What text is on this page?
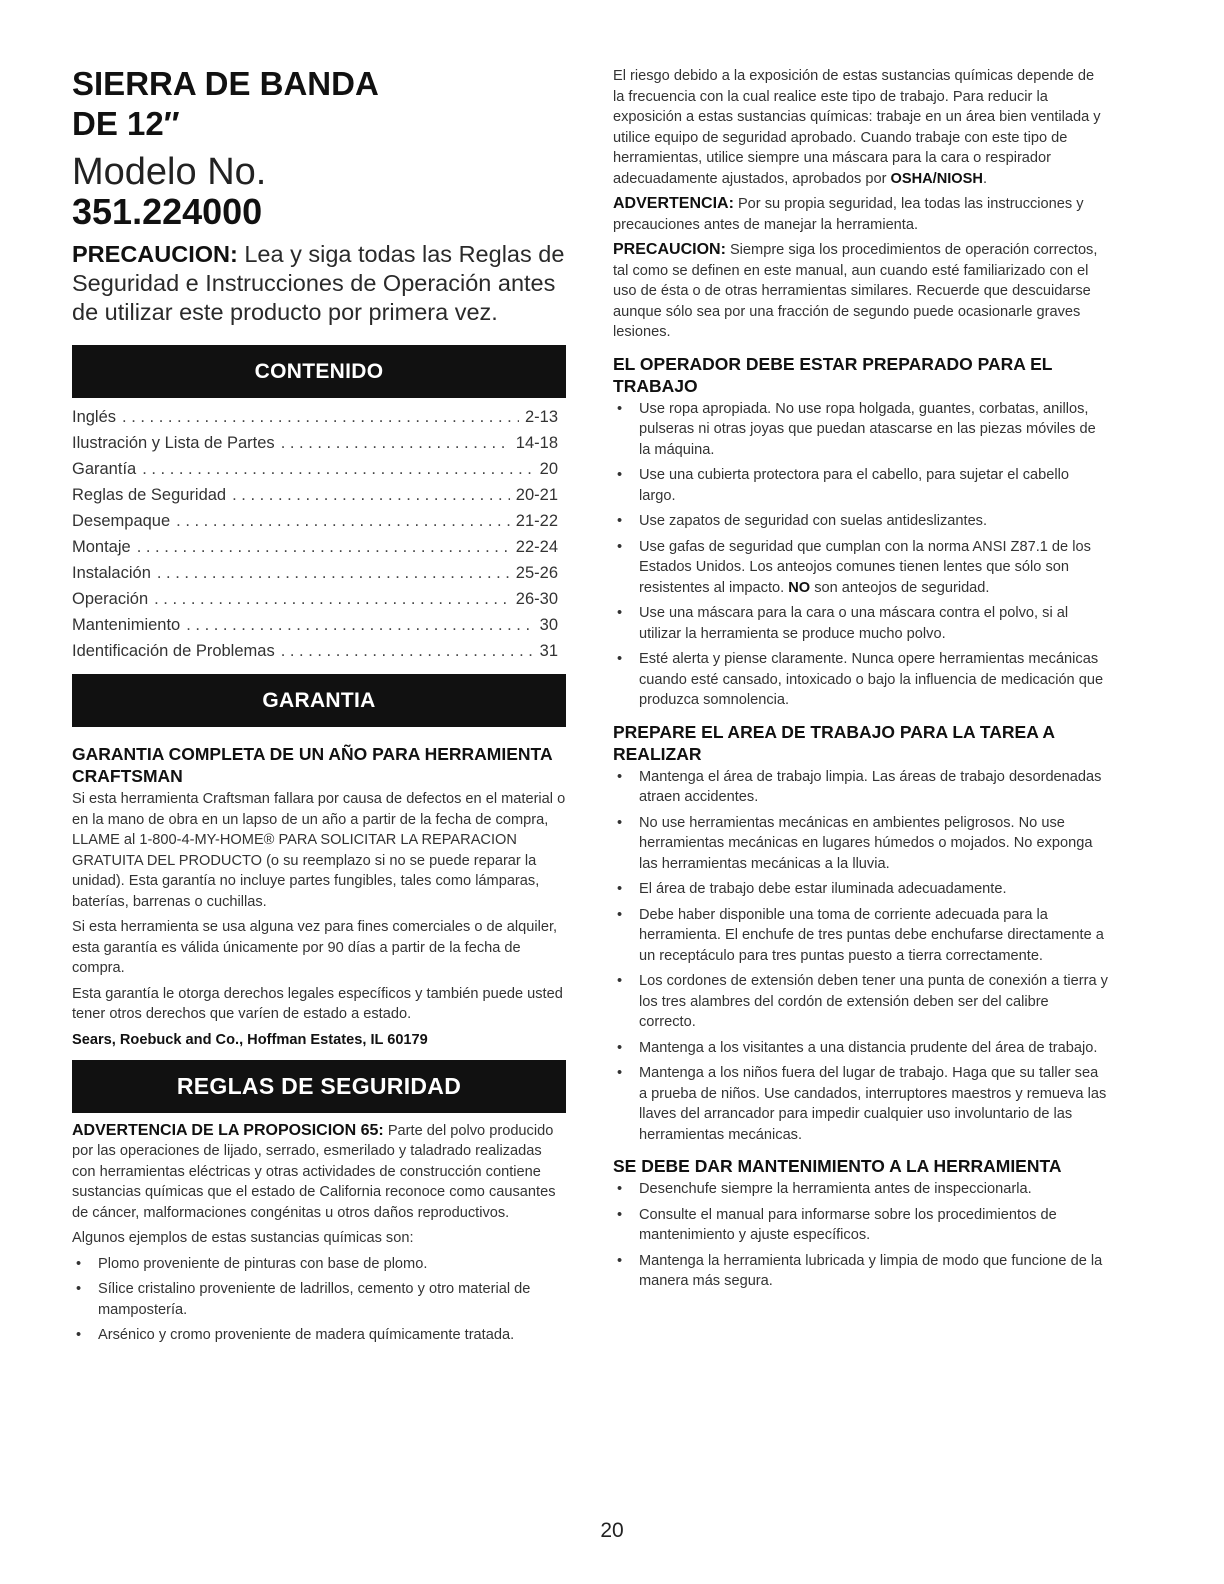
SIERRA DE BANDA
DE 12″
Modelo No.
351.224000
PRECAUCION: Lea y siga todas las Reglas de Seguridad e Instrucciones de Operación antes de utilizar este producto por primera vez.
CONTENIDO
Inglés . . .	2-13
Ilustración y Lista de Partes . . .	14-18
Garantía . . .	20
Reglas de Seguridad . . .	20-21
Desempaque . . .	21-22
Montaje . . .	22-24
Instalación . . .	25-26
Operación . . .	26-30
Mantenimiento . . .	30
Identificación de Problemas . . .	31
GARANTIA
GARANTIA COMPLETA DE UN AÑO PARA HERRAMIENTA CRAFTSMAN

Si esta herramienta Craftsman fallara por causa de defectos en el material o en la mano de obra en un lapso de un año a partir de la fecha de compra, LLAME al 1-800-4-MY-HOME® PARA SOLICITAR LA REPARACION GRATUITA DEL PRODUCTO (o su reemplazo si no se puede reparar la unidad). Esta garantía no incluye partes fungibles, tales como lámparas, baterías, barrenas o cuchillas.

Si esta herramienta se usa alguna vez para fines comerciales o de alquiler, esta garantía es válida únicamente por 90 días a partir de la fecha de compra.

Esta garantía le otorga derechos legales específicos y también puede usted tener otros derechos que varíen de estado a estado.

Sears, Roebuck and Co., Hoffman Estates, IL 60179

REGLAS DE SEGURIDAD

ADVERTENCIA DE LA PROPOSICION 65: Parte del polvo producido por las operaciones de lijado, serrado, esmerilado y taladrado realizadas con herramientas eléctricas y otras actividades de construcción contiene sustancias químicas que el estado de California reconoce como causantes de cáncer, malformaciones congénitas u otros daños reproductivos.

Algunos ejemplos de estas sustancias químicas son:

• Plomo proveniente de pinturas con base de plomo.
• Sílice cristalino proveniente de ladrillos, cemento y otro material de mampostería.
• Arsénico y cromo proveniente de madera químicamente tratada.

El riesgo debido a la exposición de estas sustancias químicas depende de la frecuencia con la cual realice este tipo de trabajo. Para reducir la exposición a estas sustancias químicas: trabaje en un área bien ventilada y utilice equipo de seguridad aprobado. Cuando trabaje con este tipo de herramientas, utilice siempre una máscara para la cara o respirador adecuadamente ajustados, aprobados por OSHA/NIOSH.

ADVERTENCIA: Por su propia seguridad, lea todas las instrucciones y precauciones antes de manejar la herramienta.

PRECAUCION: Siempre siga los procedimientos de operación correctos, tal como se definen en este manual, aun cuando esté familiarizado con el uso de ésta o de otras herramientas similares. Recuerde que descuidarse aunque sólo sea por una fracción de segundo puede ocasionarle graves lesiones.

EL OPERADOR DEBE ESTAR PREPARADO PARA EL TRABAJO
• Use ropa apropiada. No use ropa holgada, guantes, corbatas, anillos, pulseras ni otras joyas que puedan atascarse en las piezas móviles de la máquina.
• Use una cubierta protectora para el cabello, para sujetar el cabello largo.
• Use zapatos de seguridad con suelas antideslizantes.
• Use gafas de seguridad que cumplan con la norma ANSI Z87.1 de los Estados Unidos. Los anteojos comunes tienen lentes que sólo son resistentes al impacto. NO son anteojos de seguridad.
• Use una máscara para la cara o una máscara contra el polvo, si al utilizar la herramienta se produce mucho polvo.
• Esté alerta y piense claramente. Nunca opere herramientas mecánicas cuando esté cansado, intoxicado o bajo la influencia de medicación que produzca somnolencia.
PREPARE EL AREA DE TRABAJO PARA LA TAREA A REALIZAR
• Mantenga el área de trabajo limpia. Las áreas de trabajo desordenadas atraen accidentes.
• No use herramientas mecánicas en ambientes peligrosos. No use herramientas mecánicas en lugares húmedos o mojados. No exponga las herramientas mecánicas a la lluvia.
• El área de trabajo debe estar iluminada adecuadamente.
• Debe haber disponible una toma de corriente adecuada para la herramienta. El enchufe de tres puntas debe enchufarse directamente a un receptáculo para tres puntas puesto a tierra correctamente.
• Los cordones de extensión deben tener una punta de conexión a tierra y los tres alambres del cordón de extensión deben ser del calibre correcto.
• Mantenga a los visitantes a una distancia prudente del área de trabajo.
• Mantenga a los niños fuera del lugar de trabajo. Haga que su taller sea a prueba de niños. Use candados, interruptores maestros y remueva las llaves del arrancador para impedir cualquier uso involuntario de las herramientas mecánicas.
SE DEBE DAR MANTENIMIENTO A LA HERRAMIENTA
• Desenchufe siempre la herramienta antes de inspeccionarla.
• Consulte el manual para informarse sobre los procedimientos de mantenimiento y ajuste específicos.
• Mantenga la herramienta lubricada y limpia de modo que funcione de la manera más segura.
20
